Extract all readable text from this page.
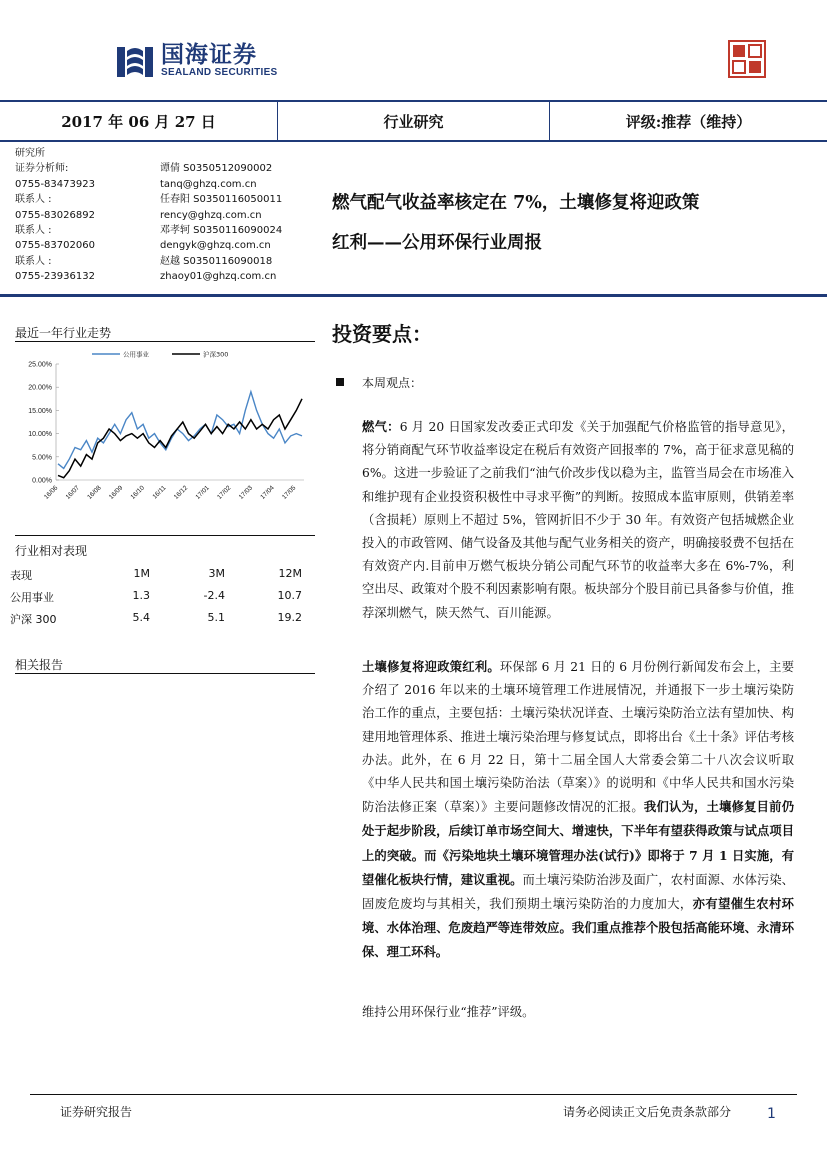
国海证券
SEALAND SECURITIES
2017 年 06 月 27 日	行业研究	评级:推荐（维持）
研究所
证券分析师:	谭倩 S0350512090002
0755-83473923	tanq@ghzq.com.cn
联系人 :	任春阳 S0350116050011
0755-83026892	rency@ghzq.com.cn
联系人 :	邓孝轲 S0350116090024
0755-83702060	dengyk@ghzq.com.cn
联系人 :	赵越 S0350116090018
0755-23936132	zhaoy01@ghzq.com.cn
燃气配气收益率核定在 7%，土壤修复将迎政策
红利——公用环保行业周报
最近一年行业走势
0.00%
5.00%
10.00%
15.00%
20.00%
25.00%
16/06 16/07 16/08 16/09 16/10 16/11 16/12 17/01 17/02 17/03 17/04 17/05
公用事业	沪深300
行业相对表现
表现	1M	3M	12M
公用事业	1.3	-2.4	10.7
沪深 300	5.4	5.1	19.2
相关报告
投资要点：
本周观点：
燃气：6 月 20 日国家发改委正式印发《关于加强配气价格监管的指导意见》，将分销商配气环节收益率设定在税后有效资产回报率的 7%，高于征求意见稿的 6%。这进一步验证了之前我们“油气价改步伐以稳为主，监管当局会在市场准入和维护现有企业投资积极性中寻求平衡”的判断。按照成本监审原则，供销差率（含损耗）原则上不超过 5%，管网折旧不少于 30 年。有效资产包括城燃企业投入的市政管网、储气设备及其他与配气业务相关的资产，明确接驳费不包括在有效资产内.目前申万燃气板块分销公司配气环节的收益率大多在 6%-7%，利空出尽、政策对个股不利因素影响有限。板块部分个股目前已具备参与价值，推荐深圳燃气，陕天然气、百川能源。
土壤修复将迎政策红利。环保部 6 月 21 日的 6 月份例行新闻发布会上，主要介绍了 2016 年以来的土壤环境管理工作进展情况，并通报下一步土壤污染防治工作的重点，主要包括：土壤污染状况详查、土壤污染防治立法有望加快、构建用地管理体系、推进土壤污染治理与修复试点，即将出台《土十条》评估考核办法。此外，在 6 月 22 日，第十二届全国人大常委会第二十八次会议听取《中华人民共和国土壤污染防治法（草案）》的说明和《中华人民共和国水污染防治法修正案（草案）》主要问题修改情况的汇报。我们认为，土壤修复目前仍处于起步阶段，后续订单市场空间大、增速快，下半年有望获得政策与试点项目上的突破。而《污染地块土壤环境管理办法(试行)》即将于 7 月 1 日实施，有望催化板块行情，建议重视。而土壤污染防治涉及面广，农村面源、水体污染、固废危废均与其相关，我们预期土壤污染防治的力度加大，亦有望催生农村环境、水体治理、危废趋严等连带效应。我们重点推荐个股包括高能环境、永清环保、理工环科。
维持公用环保行业“推荐”评级。
证券研究报告	请务必阅读正文后免责条款部分	1
